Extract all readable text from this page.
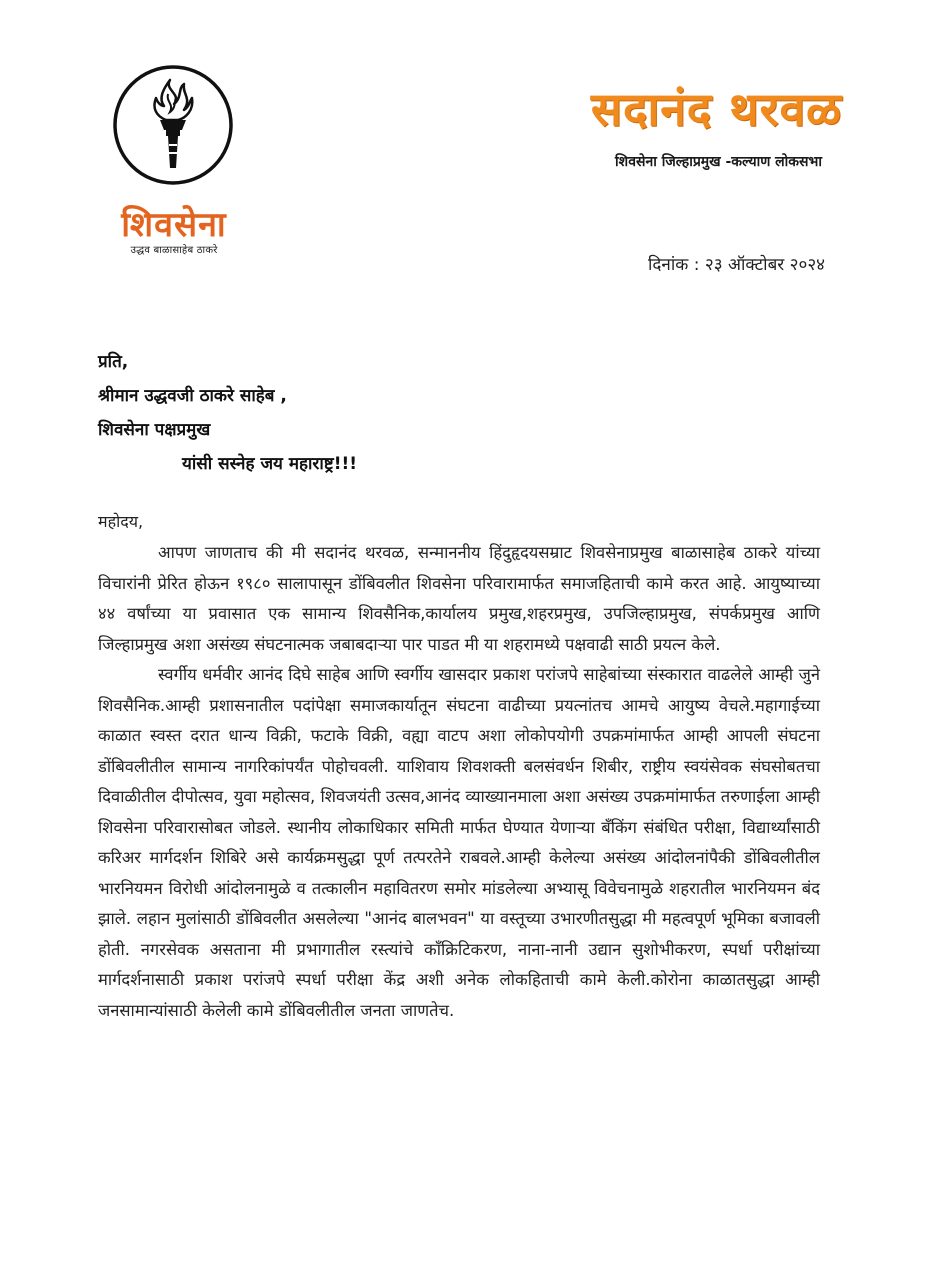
शिवसेना
उद्धव बाळासाहेब ठाकरे
सदानंद थरवळ
शिवसेना जिल्हाप्रमुख -कल्याण लोकसभा
दिनांक : २३ ऑक्टोबर २०२४
प्रति,
श्रीमान उद्धवजी ठाकरे साहेब ,
शिवसेना पक्षप्रमुख
यांसी सस्नेह जय महाराष्ट्र!!!
महोदय,

आपण जाणताच की मी सदानंद थरवळ, सन्माननीय हिंदुहृदयसम्राट शिवसेनाप्रमुख बाळासाहेब ठाकरे यांच्या विचारांनी प्रेरित होऊन १९८० सालापासून डोंबिवलीत शिवसेना परिवारामार्फत समाजहिताची कामे करत आहे. आयुष्याच्या ४४ वर्षांच्या या प्रवासात एक सामान्य शिवसैनिक,कार्यालय प्रमुख,शहरप्रमुख, उपजिल्हाप्रमुख, संपर्कप्रमुख आणि जिल्हाप्रमुख अशा असंख्य संघटनात्मक जबाबदाऱ्या पार पाडत मी या शहरामध्ये पक्षवाढी साठी प्रयत्न केले.

स्वर्गीय धर्मवीर आनंद दिघे साहेब आणि स्वर्गीय खासदार प्रकाश परांजपे साहेबांच्या संस्कारात वाढलेले आम्ही जुने शिवसैनिक.आम्ही प्रशासनातील पदांपेक्षा समाजकार्यातून संघटना वाढीच्या प्रयत्नांतच आमचे आयुष्य वेचले.महागाईच्या काळात स्वस्त दरात धान्य विक्री, फटाके विक्री, वह्या वाटप अशा लोकोपयोगी उपक्रमांमार्फत आम्ही आपली संघटना डोंबिवलीतील सामान्य नागरिकांपर्यंत पोहोचवली. याशिवाय शिवशक्ती बलसंवर्धन शिबीर, राष्ट्रीय स्वयंसेवक संघसोबतचा दिवाळीतील दीपोत्सव, युवा महोत्सव, शिवजयंती उत्सव,आनंद व्याख्यानमाला अशा असंख्य उपक्रमांमार्फत तरुणाईला आम्ही शिवसेना परिवारासोबत जोडले. स्थानीय लोकाधिकार समिती मार्फत घेण्यात येणाऱ्या बँकिंग संबंधित परीक्षा, विद्यार्थ्यांसाठी करिअर मार्गदर्शन शिबिरे असे कार्यक्रमसुद्धा पूर्ण तत्परतेने राबवले.आम्ही केलेल्या असंख्य आंदोलनांपैकी डोंबिवलीतील भारनियमन विरोधी आंदोलनामुळे व तत्कालीन महावितरण समोर मांडलेल्या अभ्यासू विवेचनामुळे शहरातील भारनियमन बंद झाले. लहान मुलांसाठी डोंबिवलीत असलेल्या "आनंद बालभवन" या वस्तूच्या उभारणीतसुद्धा मी महत्वपूर्ण भूमिका बजावली होती. नगरसेवक असताना मी प्रभागातील रस्त्यांचे काँक्रिटिकरण, नाना-नानी उद्यान सुशोभीकरण, स्पर्धा परीक्षांच्या मार्गदर्शनासाठी प्रकाश परांजपे स्पर्धा परीक्षा केंद्र अशी अनेक लोकहिताची कामे केली.कोरोना काळातसुद्धा आम्ही जनसामान्यांसाठी केलेली कामे डोंबिवलीतील जनता जाणतेच.
